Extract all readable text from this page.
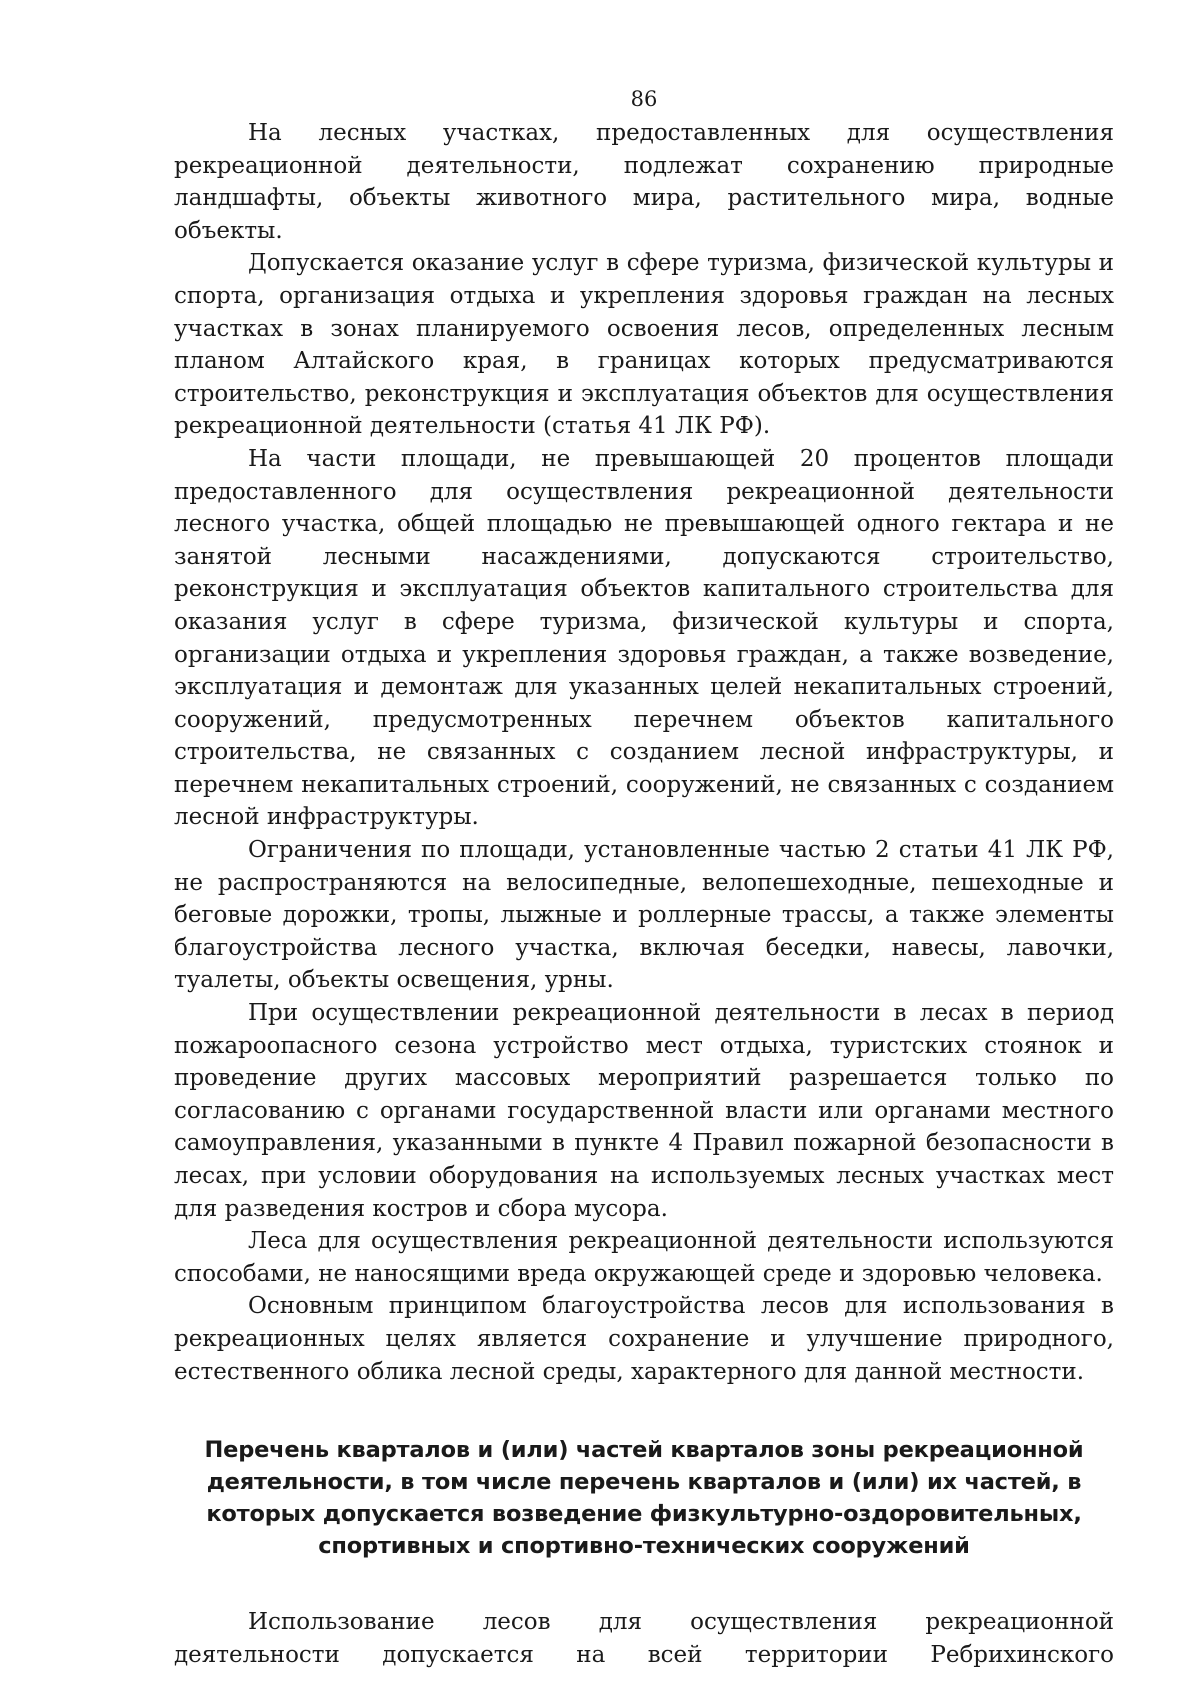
86

На лесных участках, предоставленных для осуществления рекреационной деятельности, подлежат сохранению природные ландшафты, объекты животного мира, растительного мира, водные объекты.

Допускается оказание услуг в сфере туризма, физической культуры и спорта, организация отдыха и укрепления здоровья граждан на лесных участках в зонах планируемого освоения лесов, определенных лесным планом Алтайского края, в границах которых предусматриваются строительство, реконструкция и эксплуатация объектов для осуществления рекреационной деятельности (статья 41 ЛК РФ).

На части площади, не превышающей 20 процентов площади предоставленного для осуществления рекреационной деятельности лесного участка, общей площадью не превышающей одного гектара и не занятой лесными насаждениями, допускаются строительство, реконструкция и эксплуатация объектов капитального строительства для оказания услуг в сфере туризма, физической культуры и спорта, организации отдыха и укрепления здоровья граждан, а также возведение, эксплуатация и демонтаж для указанных целей некапитальных строений, сооружений, предусмотренных перечнем объектов капитального строительства, не связанных с созданием лесной инфраструктуры, и перечнем некапитальных строений, сооружений, не связанных с созданием лесной инфраструктуры.

Ограничения по площади, установленные частью 2 статьи 41 ЛК РФ, не распространяются на велосипедные, велопешеходные, пешеходные и беговые дорожки, тропы, лыжные и роллерные трассы, а также элементы благоустройства лесного участка, включая беседки, навесы, лавочки, туалеты, объекты освещения, урны.

При осуществлении рекреационной деятельности в лесах в период пожароопасного сезона устройство мест отдыха, туристских стоянок и проведение других массовых мероприятий разрешается только по согласованию с органами государственной власти или органами местного самоуправления, указанными в пункте 4 Правил пожарной безопасности в лесах, при условии оборудования на используемых лесных участках мест для разведения костров и сбора мусора.

Леса для осуществления рекреационной деятельности используются способами, не наносящими вреда окружающей среде и здоровью человека.

Основным принципом благоустройства лесов для использования в рекреационных целях является сохранение и улучшение природного, естественного облика лесной среды, характерного для данной местности.

Перечень кварталов и (или) частей кварталов зоны рекреационной деятельности, в том числе перечень кварталов и (или) их частей, в которых допускается возведение физкультурно-оздоровительных, спортивных и спортивно-технических сооружений

Использование лесов для осуществления рекреационной деятельности допускается на всей территории Ребрихинского
